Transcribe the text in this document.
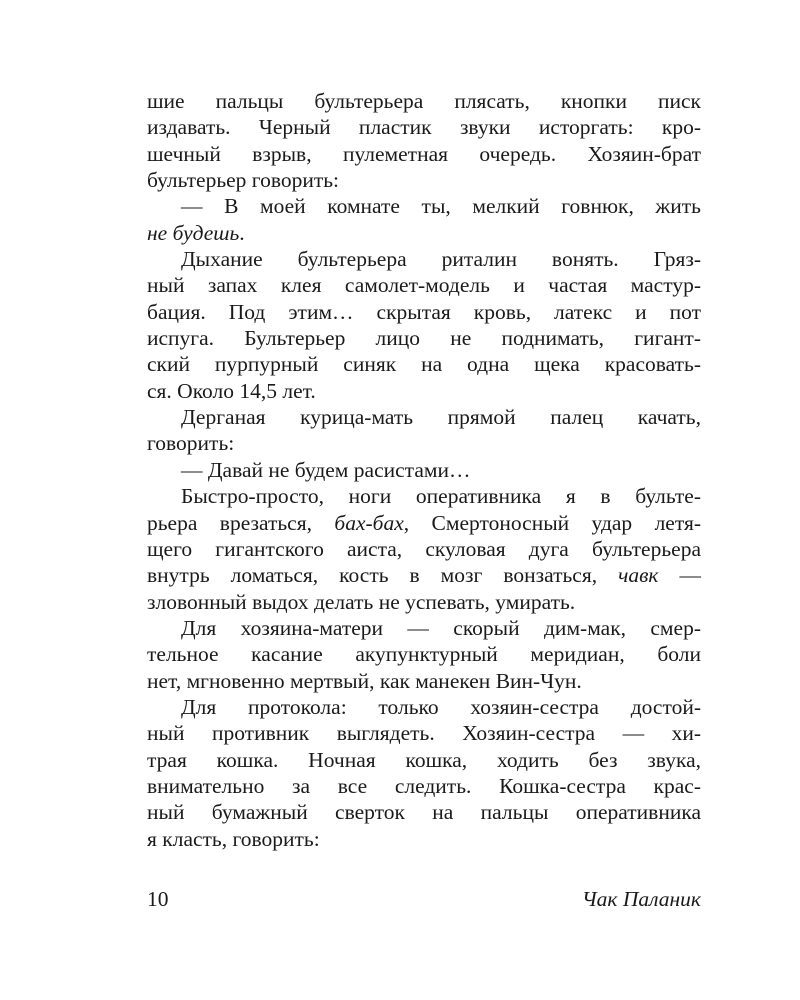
шие пальцы бультерьера плясать, кнопки писк
издавать. Черный пластик звуки исторгать: кро-
шечный взрыв, пулеметная очередь. Хозяин-брат
бультерьер говорить:
— В моей комнате ты, мелкий говнюк, жить
не будешь.
Дыхание бультерьера риталин вонять. Гряз-
ный запах клея самолет-модель и частая мастур-
бация. Под этим… скрытая кровь, латекс и пот
испуга. Бультерьер лицо не поднимать, гигант-
ский пурпурный синяк на одна щека красовать-
ся. Около 14,5 лет.
Дерганая курица-мать прямой палец качать,
говорить:
— Давай не будем расистами…
Быстро-просто, ноги оперативника я в бульте-
рьера врезаться, бах-бах, Смертоносный удар летя-
щего гигантского аиста, скуловая дуга бультерьера
внутрь ломаться, кость в мозг вонзаться, чавк —
зловонный выдох делать не успевать, умирать.
Для хозяина-матери — скорый дим-мак, смер-
тельное касание акупунктурный меридиан, боли
нет, мгновенно мертвый, как манекен Вин-Чун.
Для протокола: только хозяин-сестра достой-
ный противник выглядеть. Хозяин-сестра — хи-
трая кошка. Ночная кошка, ходить без звука,
внимательно за все следить. Кошка-сестра крас-
ный бумажный сверток на пальцы оперативника
я класть, говорить:
10	Чак Паланик
